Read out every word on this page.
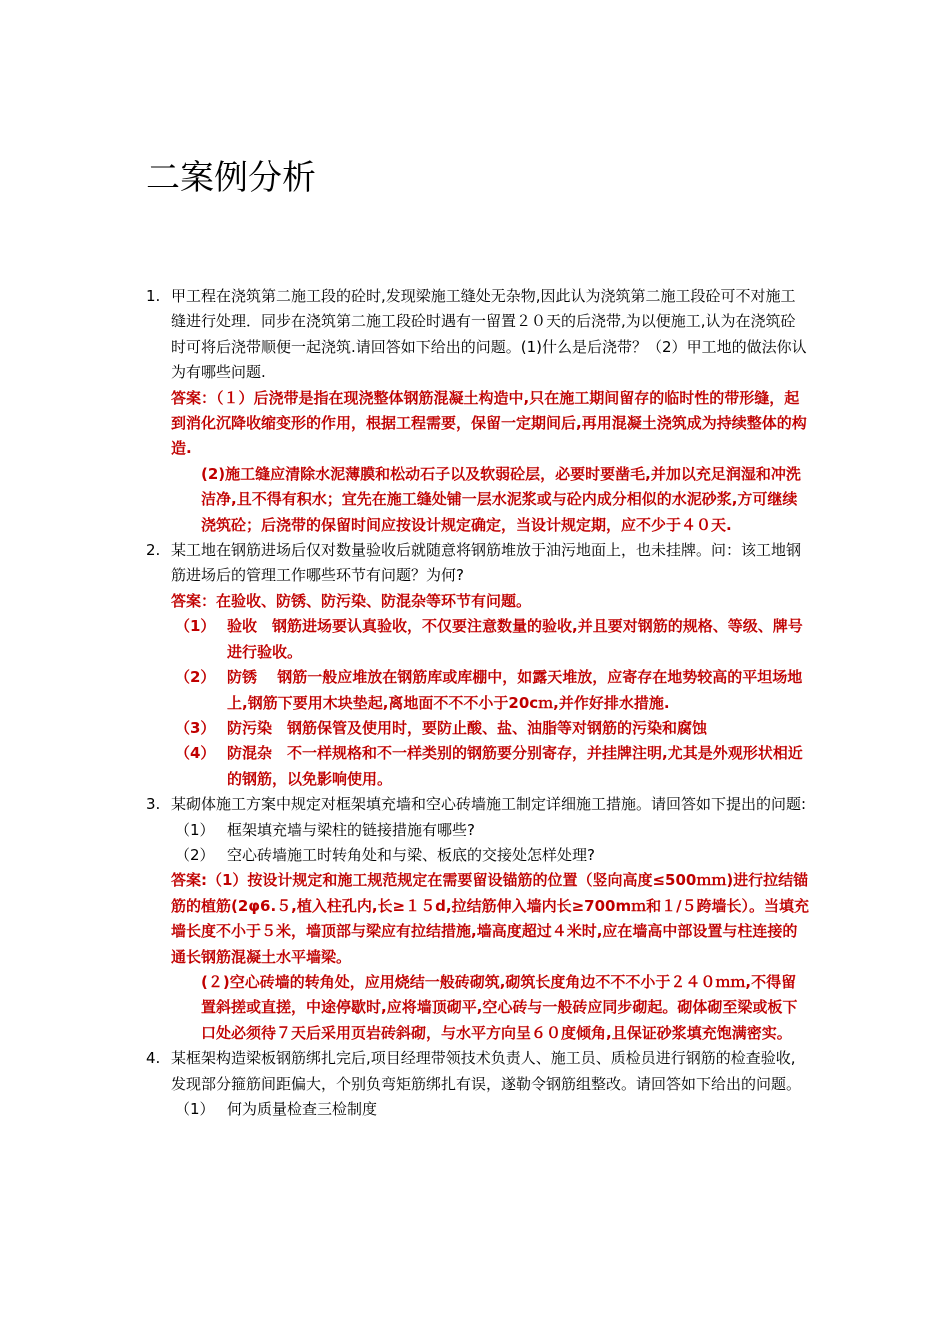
二案例分析
1. 甲工程在浇筑第二施工段的砼时,发现梁施工缝处无杂物,因此认为浇筑第二施工段砼可不对施工缝进行处理．同步在浇筑第二施工段砼时遇有一留置２０天的后浇带,为以便施工,认为在浇筑砼时可将后浇带顺便一起浇筑.请回答如下给出的问题。(1)什么是后浇带？（2）甲工地的做法你认为有哪些问题.
答案：（１）后浇带是指在现浇整体钢筋混凝土构造中,只在施工期间留存的临时性的带形缝，起到消化沉降收缩变形的作用，根据工程需要，保留一定期间后,再用混凝土浇筑成为持续整体的构造.
(2)施工缝应清除水泥薄膜和松动石子以及软弱砼层，必要时要凿毛,并加以充足润湿和冲洗洁净,且不得有积水；宜先在施工缝处铺一层水泥浆或与砼内成分相似的水泥砂浆,方可继续浇筑砼；后浇带的保留时间应按设计规定确定，当设计规定期，应不少于４０天.
2. 某工地在钢筋进场后仅对数量验收后就随意将钢筋堆放于油污地面上，也未挂牌。问：该工地钢筋进场后的管理工作哪些环节有问题？为何?
答案：在验收、防锈、防污染、防混杂等环节有问题。
（1） 验收　钢筋进场要认真验收，不仅要注意数量的验收,并且要对钢筋的规格、等级、牌号进行验收。
（2） 防锈　 钢筋一般应堆放在钢筋库或库棚中，如露天堆放，应寄存在地势较高的平坦场地上,钢筋下要用木块垫起,离地面不不不小于20cｍ,并作好排水措施.
（3） 防污染　钢筋保管及使用时，要防止酸、盐、油脂等对钢筋的污染和腐蚀
（4） 防混杂　不一样规格和不一样类别的钢筋要分别寄存，并挂牌注明,尤其是外观形状相近的钢筋，以免影响使用。
3. 某砌体施工方案中规定对框架填充墙和空心砖墙施工制定详细施工措施。请回答如下提出的问题:
（1） 框架填充墙与梁柱的链接措施有哪些?
（2） 空心砖墙施工时转角处和与梁、板底的交接处怎样处理?
答案:（1）按设计规定和施工规范规定在需要留设锚筋的位置（竖向高度≤500ｍｍ)进行拉结锚筋的植筋(2φ6.５,植入柱孔内,长≥１５d,拉结筋伸入墙内长≥700mｍ和１/５跨墙长）。当填充墙长度不小于５米，墙顶部与梁应有拉结措施,墙高度超过４米时,应在墙高中部设置与柱连接的通长钢筋混凝土水平墙梁。
(２)空心砖墙的转角处，应用烧结一般砖砌筑,砌筑长度角边不不不小于２４０ｍｍ,不得留置斜搓或直搓，中途停歇时,应将墙顶砌平,空心砖与一般砖应同步砌起。砌体砌至梁或板下口处必须待７天后采用页岩砖斜砌，与水平方向呈６０度倾角,且保证砂浆填充饱满密实。
4. 某框架构造梁板钢筋绑扎完后,项目经理带领技术负责人、施工员、质检员进行钢筋的检查验收,发现部分箍筋间距偏大，个别负弯矩筋绑扎有误，遂勒令钢筋组整改。请回答如下给出的问题。
（1） 何为质量检查三检制度
